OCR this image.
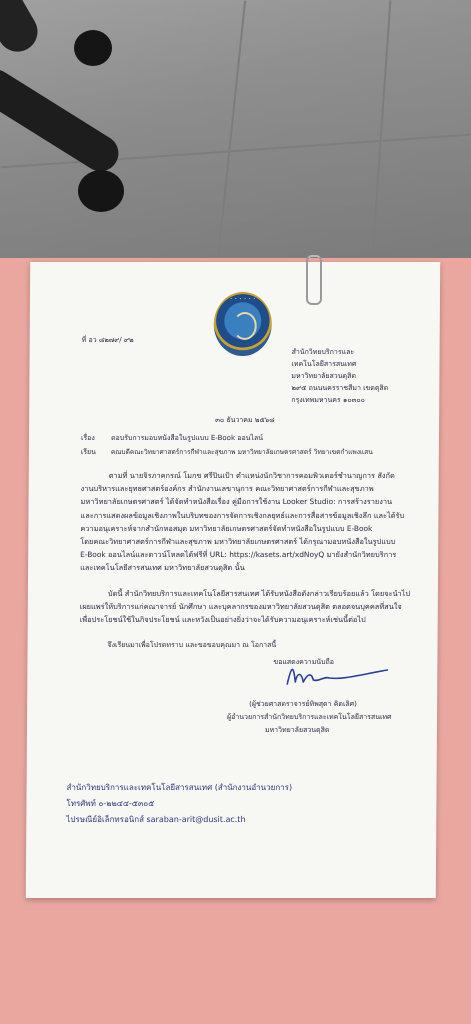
• • • • • •
ที่ อว ๘๒๗๙/ ๙๒
สำนักวิทยบริการและ
เทคโนโลยีสารสนเทศ
มหาวิทยาลัยสวนดุสิต
๒๙๕ ถนนนครราชสีมา เขตดุสิต
กรุงเทพมหานคร ๑๐๓๐๐
๓๐ ธันวาคม ๒๕๖๘
เรื่อง ตอบรับการมอบหนังสือในรูปแบบ E-Book ออนไลน์
เรียน คณบดีคณะวิทยาศาสตร์การกีฬาและสุขภาพ มหาวิทยาลัยเกษตรศาสตร์ วิทยาเขตกำแพงแสน
ตามที่ นายจิรภาคกรณ์ โมกข ศรีปินเป้า ตำแหน่งนักวิชาการคอมพิวเตอร์ชำนาญการ สังกัด
งานบริหารและยุทธศาสตร์องค์กร สำนักงานเลขานุการ คณะวิทยาศาสตร์การกีฬาและสุขภาพ
มหาวิทยาลัยเกษตรศาสตร์ ได้จัดทำหนังสือเรื่อง คู่มือการใช้งาน Looker Studio: การสร้างรายงาน
และการแสดงผลข้อมูลเชิงภาพในบริบทของการจัดการเชิงกลยุทธ์และการสื่อสารข้อมูลเชิงลึก และได้รับ
ความอนุเคราะห์จากสำนักหอสมุด มหาวิทยาลัยเกษตรศาสตร์จัดทำหนังสือในรูปแบบ E-Book
โดยคณะวิทยาศาสตร์การกีฬาและสุขภาพ มหาวิทยาลัยเกษตรศาสตร์ ได้กรุณามอบหนังสือในรูปแบบ
E-Book ออนไลน์และดาวน์โหลดได้ฟรีที่ URL: https://kasets.art/xdNoyQ มายังสำนักวิทยบริการ
และเทคโนโลยีสารสนเทศ มหาวิทยาลัยสวนดุสิต นั้น
บัดนี้ สำนักวิทยบริการและเทคโนโลยีสารสนเทศ ได้รับหนังสือดังกล่าวเรียบร้อยแล้ว โดยจะนำไป
เผยแพร่ให้บริการแก่คณาจารย์ นักศึกษา และบุคลากรของมหาวิทยาลัยสวนดุสิต ตลอดจนบุคคลที่สนใจ
เพื่อประโยชน์ใช้ในกิจประโยชน์ และหวังเป็นอย่างยิ่งว่าจะได้รับความอนุเคราะห์เช่นนี้ต่อไป
จึงเรียนมาเพื่อโปรดทราบ และขอขอบคุณมา ณ โอกาสนี้
ขอแสดงความนับถือ
(ผู้ช่วยศาสตราจารย์ทิพสุดา คิดเลิศ)
ผู้อำนวยการสำนักวิทยบริการและเทคโนโลยีสารสนเทศ
มหาวิทยาลัยสวนดุสิต
สำนักวิทยบริการและเทคโนโลยีสารสนเทศ (สำนักงานอำนวยการ)
โทรศัพท์ ๐-๒๒๔๔-๕๓๐๕
ไปรษณีย์อิเล็กทรอนิกส์ saraban-arit@dusit.ac.th
